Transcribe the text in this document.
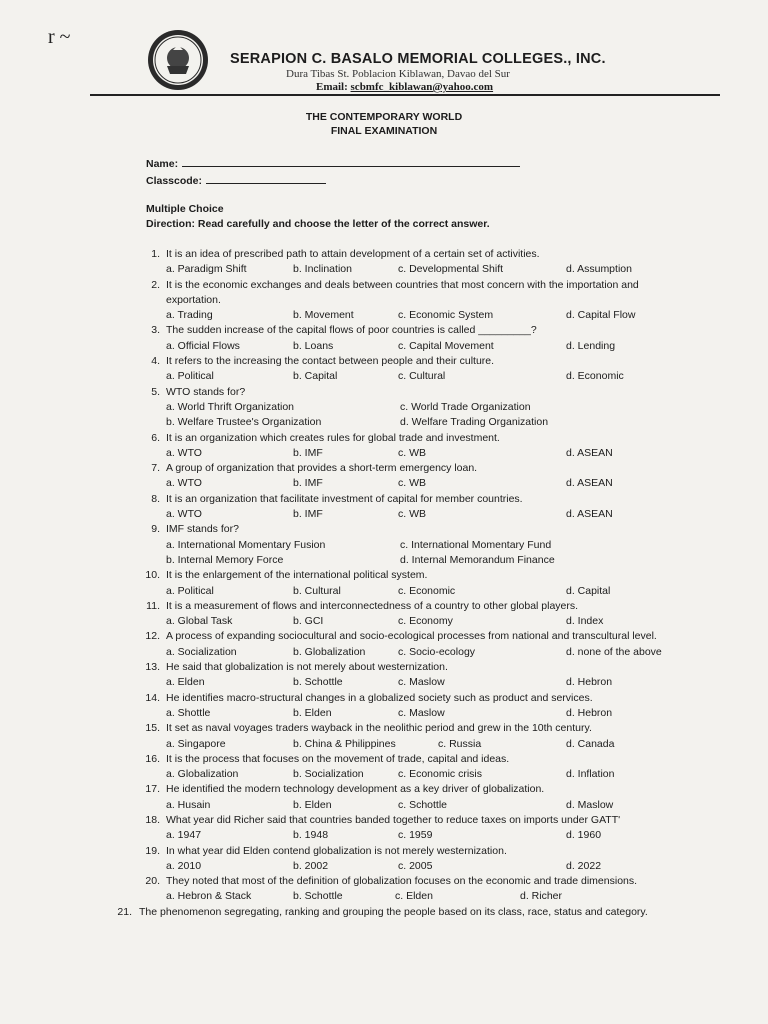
r ~
SERAPION C. BASALO MEMORIAL COLLEGES., INC.
Dura Tibas St. Poblacion Kiblawan, Davao del Sur
Email: scbmfc_kiblawan@yahoo.com
THE CONTEMPORARY WORLD
FINAL EXAMINATION
Name:
Classcode:
Multiple Choice
Direction: Read carefully and choose the letter of the correct answer.
1. It is an idea of prescribed path to attain development of a certain set of activities.
a. Paradigm Shift	b. Inclination	c. Developmental Shift	d. Assumption
2. It is the economic exchanges and deals between countries that most concern with the importation and
exportation.
a. Trading	b. Movement	c. Economic System	d. Capital Flow
3. The sudden increase of the capital flows of poor countries is called _________?
a. Official Flows	b. Loans	c. Capital Movement	d. Lending
4. It refers to the increasing the contact between people and their culture.
a. Political	b. Capital	c. Cultural	d. Economic
5. WTO stands for?
a. World Thrift Organization	c. World Trade Organization
b. Welfare Trustee's Organization	d. Welfare Trading Organization
6. It is an organization which creates rules for global trade and investment.
a. WTO	b. IMF	c. WB	d. ASEAN
7. A group of organization that provides a short-term emergency loan.
a. WTO	b. IMF	c. WB	d. ASEAN
8. It is an organization that facilitate investment of capital for member countries.
a. WTO	b. IMF	c. WB	d. ASEAN
9. IMF stands for?
a. International Momentary Fusion	c. International Momentary Fund
b. Internal Memory Force	d. Internal Memorandum Finance
10. It is the enlargement of the international political system.
a. Political	b. Cultural	c. Economic	d. Capital
11. It is a measurement of flows and interconnectedness of a country to other global players.
a. Global Task	b. GCI	c. Economy	d. Index
12. A process of expanding sociocultural and socio-ecological processes from national and transcultural level.
a. Socialization	b. Globalization	c. Socio-ecology	d. none of the above
13. He said that globalization is not merely about westernization.
a. Elden	b. Schottle	c. Maslow	d. Hebron
14. He identifies macro-structural changes in a globalized society such as product and services.
a. Shottle	b. Elden	c. Maslow	d. Hebron
15. It set as naval voyages traders wayback in the neolithic period and grew in the 10th century.
a. Singapore	b. China & Philippines	c. Russia	d. Canada
16. It is the process that focuses on the movement of trade, capital and ideas.
a. Globalization	b. Socialization	c. Economic crisis	d. Inflation
17. He identified the modern technology development as a key driver of globalization.
a. Husain	b. Elden	c. Schottle	d. Maslow
18. What year did Richer said that countries banded together to reduce taxes on imports under GATT'
a. 1947	b. 1948	c. 1959	d. 1960
19. In what year did Elden contend globalization is not merely westernization.
a. 2010	b. 2002	c. 2005	d. 2022
20. They noted that most of the definition of globalization focuses on the economic and trade dimensions.
a. Hebron & Stack	b. Schottle	c. Elden	d. Richer
21. The phenomenon segregating, ranking and grouping the people based on its class, race, status and category.
